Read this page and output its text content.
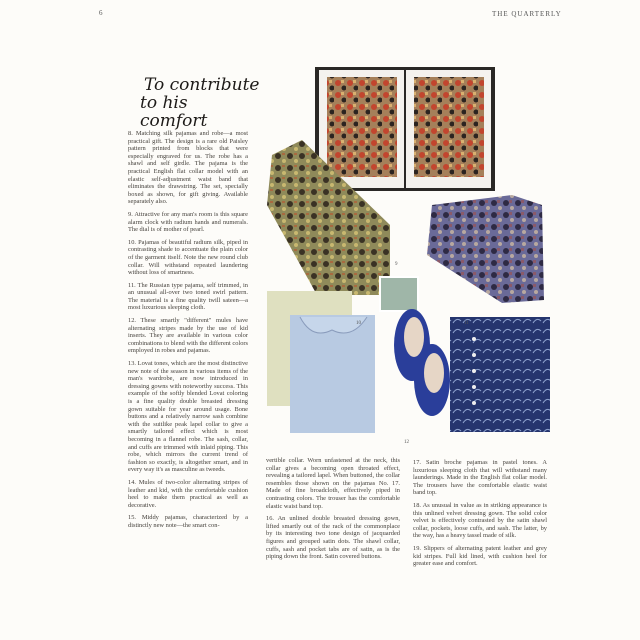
6	THE QUARTERLY
To contribute
to his comfort

8. Matching silk pajamas and robe—a most practical gift. The design is a rare old Paisley pattern printed from blocks that were especially engraved for us. The robe has a shawl and self girdle. The pajama is the practical English flat collar model with an elastic self-adjustment waist band that eliminates the drawstring. The set, specially boxed as shown, for gift giving. Available separately also.

9. Attractive for any man's room is this square alarm clock with radium hands and numerals. The dial is of mother of pearl.

10. Pajamas of beautiful radium silk, piped in contrasting shade to accentuate the plain color of the garment itself. Note the new round club collar. Will withstand repeated laundering without loss of smartness.

11. The Russian type pajama, self trimmed, in an unusual all-over two toned swirl pattern. The material is a fine quality twill sateen—a most luxurious sleeping cloth.

12. These smartly "different" mules have alternating stripes made by the use of kid inserts. They are available in various color combinations to blend with the different colors employed in robes and pajamas.

13. Lovat tones, which are the most distinctive new note of the season in various items of the man's wardrobe, are now introduced in dressing gowns with noteworthy success. This example of the softly blended Lovat coloring is a fine quality double breasted dressing gown suitable for year around usage. Bone buttons and a relatively narrow sash combine with the suitlike peak lapel collar to give a smartly tailored effect which is most becoming in a flannel robe. The sash, collar, and cuffs are trimmed with inlaid piping. This robe, which mirrors the current trend of fashion so exactly, is altogether smart, and in every way it's as masculine as tweeds.

14. Mules of two-color alternating stripes of leather and kid, with the comfortable cushion heel to make them practical as well as decorative.

15. Middy pajamas, characterized by a distinctly new note—the smart con-

vertible collar. Worn unfastened at the neck, this collar gives a becoming open throated effect, revealing a tailored lapel. When buttoned, the collar resembles those shown on the pajamas No. 17. Made of fine broadcloth, effectively piped in contrasting colors. The trouser has the comfortable elastic waist band top.

16. An unlined double breasted dressing gown, lifted smartly out of the rack of the commonplace by its interesting two tone design of jacquarded figures and grouped satin dots. The shawl collar, cuffs, sash and pocket tabs are of satin, as is the piping down the front. Satin covered buttons.

17. Satin broche pajamas in pastel tones. A luxurious sleeping cloth that will withstand many launderings. Made in the English flat collar model. The trousers have the comfortable elastic waist band top.

18. As unusual in value as in striking appearance is this unlined velvet dressing gown. The solid color velvet is effectively contrasted by the satin shawl collar, pockets, loose cuffs, and sash. The latter, by the way, has a heavy tassel made of silk.

19. Slippers of alternating patent leather and grey kid stripes. Full kid lined, with cushion heel for greater ease and comfort.

8
9
10	11
12
